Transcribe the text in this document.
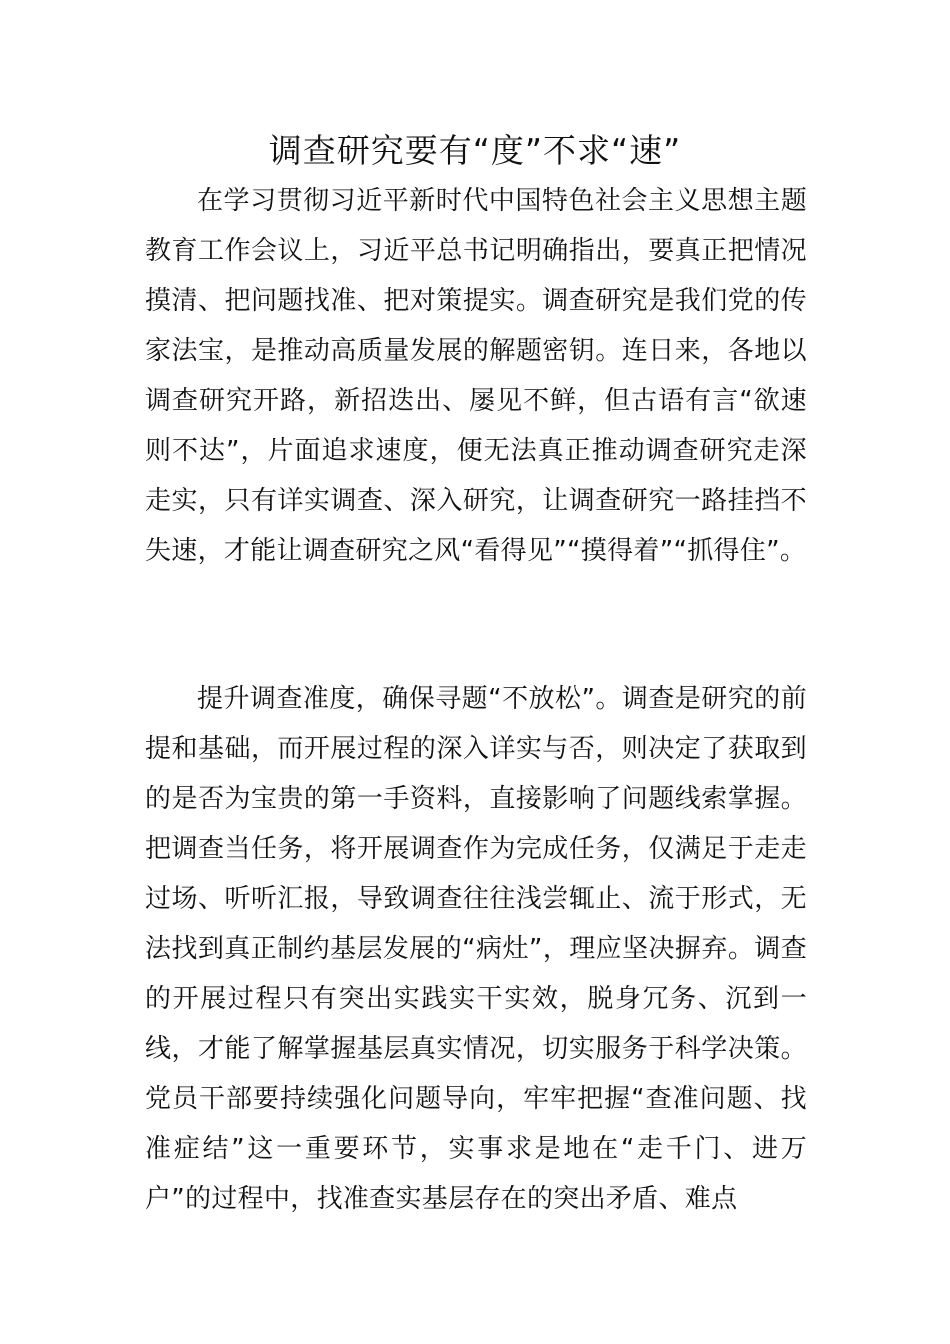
调查研究要有“度”不求“速”

在学习贯彻习近平新时代中国特色社会主义思想主题教育工作会议上，习近平总书记明确指出，要真正把情况摸清、把问题找准、把对策提实。调查研究是我们党的传家法宝，是推动高质量发展的解题密钥。连日来，各地以调查研究开路，新招迭出、屡见不鲜，但古语有言“欲速则不达”，片面追求速度，便无法真正推动调查研究走深走实，只有详实调查、深入研究，让调查研究一路挂挡不失速，才能让调查研究之风“看得见”“摸得着”“抓得住”。

提升调查准度，确保寻题“不放松”。调查是研究的前提和基础，而开展过程的深入详实与否，则决定了获取到的是否为宝贵的第一手资料，直接影响了问题线索掌握。把调查当任务，将开展调查作为完成任务，仅满足于走走过场、听听汇报，导致调查往往浅尝辄止、流于形式，无法找到真正制约基层发展的“病灶”，理应坚决摒弃。调查的开展过程只有突出实践实干实效，脱身冗务、沉到一线，才能了解掌握基层真实情况，切实服务于科学决策。党员干部要持续强化问题导向，牢牢把握“查准问题、找准症结”这一重要环节，实事求是地在“走千门、进万户”的过程中，找准查实基层存在的突出矛盾、难点
